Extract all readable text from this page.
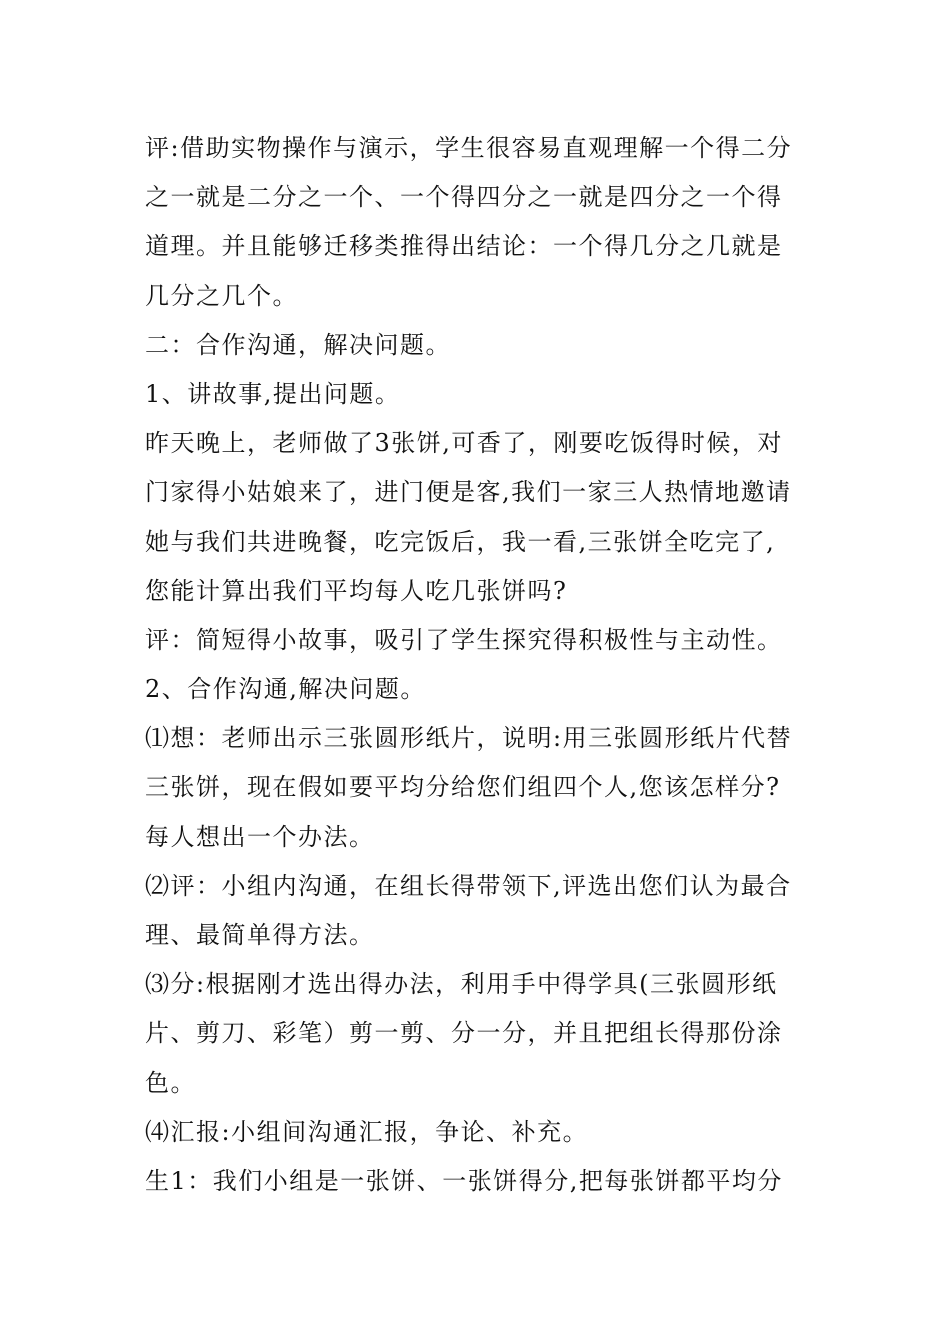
评:借助实物操作与演示，学生很容易直观理解一个得二分
之一就是二分之一个、一个得四分之一就是四分之一个得
道理。并且能够迁移类推得出结论：一个得几分之几就是
几分之几个。
二：合作沟通，解决问题。
1、讲故事,提出问题。
昨天晚上，老师做了3张饼,可香了，刚要吃饭得时候，对
门家得小姑娘来了，进门便是客,我们一家三人热情地邀请
她与我们共进晚餐，吃完饭后，我一看,三张饼全吃完了,
您能计算出我们平均每人吃几张饼吗?
评：简短得小故事，吸引了学生探究得积极性与主动性。
2、合作沟通,解决问题。
⑴想：老师出示三张圆形纸片，说明:用三张圆形纸片代替
三张饼，现在假如要平均分给您们组四个人,您该怎样分?
每人想出一个办法。
⑵评：小组内沟通，在组长得带领下,评选出您们认为最合
理、最简单得方法。
⑶分:根据刚才选出得办法，利用手中得学具(三张圆形纸
片、剪刀、彩笔）剪一剪、分一分，并且把组长得那份涂
色。
⑷汇报:小组间沟通汇报，争论、补充。
生1：我们小组是一张饼、一张饼得分,把每张饼都平均分
